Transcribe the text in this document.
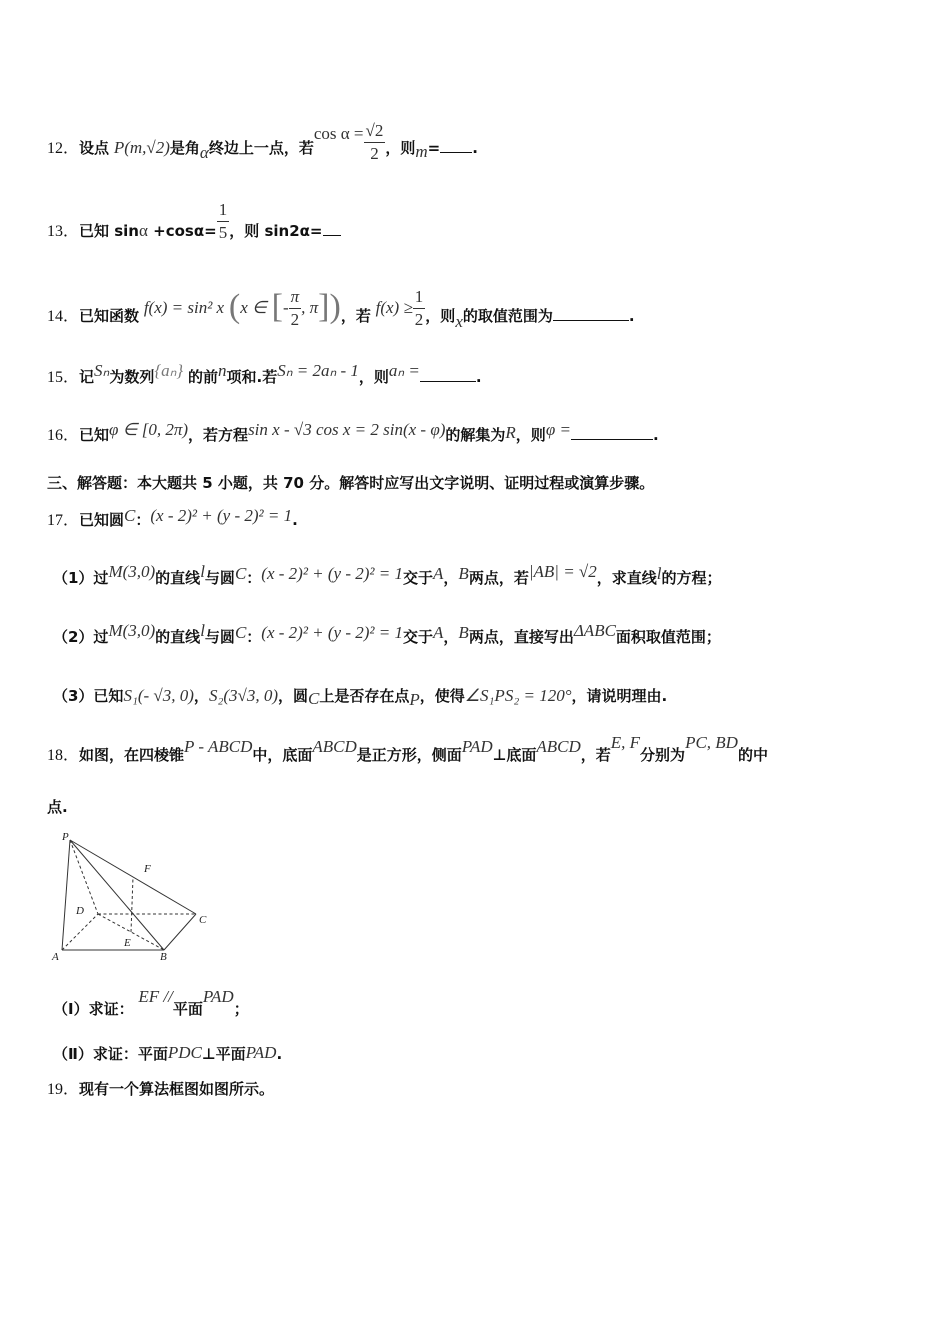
12．设点 P(m,√2)是角α终边上一点，若$\cos \alpha = \frac{√2}{2}$ ，则m= .
13．已知 $\sin\alpha +\cos\alpha= \frac{1}{5}$ ，则 sin2α=
14．已知函数 f(x) = sin² x (x ∈ [- $\frac{\pi}{2}$ , π])，若 $f(x) \ge \frac{1}{2}$ ，则x的取值范围为	.
15．记Sₙ为数列{aₙ} 的前n项和.若Sₙ = 2aₙ - 1，则aₙ =	.
16．已知φ ∈ [0, 2π)，若方程sin x - √3 cos x = 2 sin(x - φ)的解集为R，则φ =	.
三、解答题：本大题共 5 小题，共 70 分。解答时应写出文字说明、证明过程或演算步骤。
17．已知圆C：(x - 2)² + (y - 2)² = 1.
（1）过M(3,0)的直线l与圆C：(x - 2)² + (y - 2)² = 1交于A，B两点，若|AB| = √2，求直线l的方程；
（2）过M(3,0)的直线l与圆C：(x - 2)² + (y - 2)² = 1交于A，B两点，直接写出ΔABC面积取值范围；
（3）已知S₁(- √3, 0)，S₂(3√3, 0)，圆C上是否存在点P，使得∠S₁PS₂ = 120°，请说明理由.
18．如图，在四棱锥P - ABCD中，底面ABCD是正方形，侧面PAD⊥底面ABCD，若E, F分别为PC, BD的中
点.
P
F
D
C
E
A	B
（Ⅰ）求证： EF //平面PAD；
（Ⅱ）求证：平面PDC⊥平面PAD.
19．现有一个算法框图如图所示。
